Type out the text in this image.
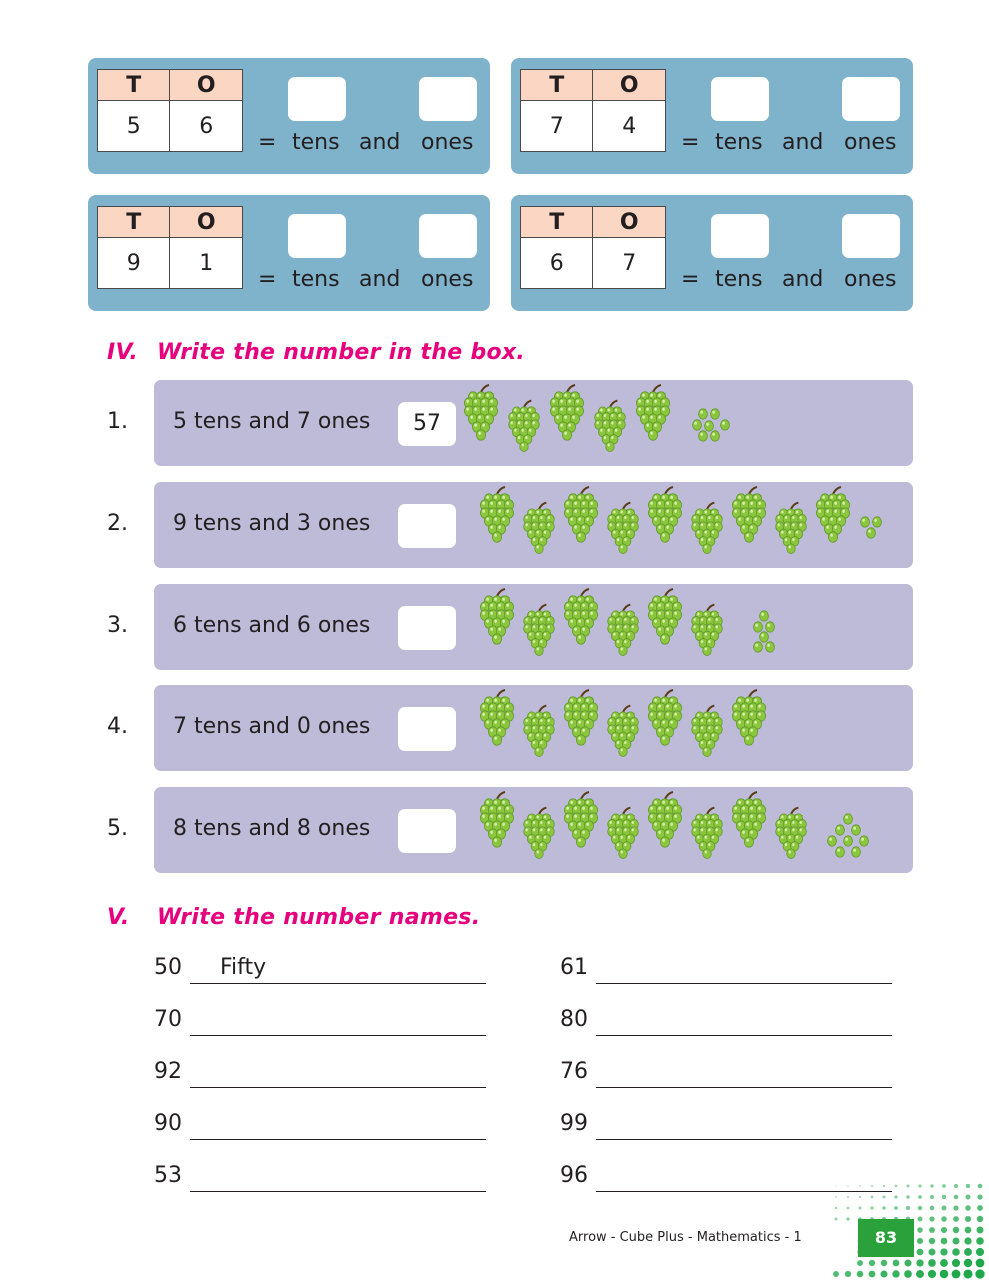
T	O
5	6
= tens and ones
T	O
7	4
= tens and ones
T	O
9	1
= tens and ones
T	O
6	7
= tens and ones
IV. Write the number in the box.
1. 5 tens and 7 ones	57
2. 9 tens and 3 ones
3. 6 tens and 6 ones
4. 7 tens and 0 ones
5. 8 tens and 8 ones
V. Write the number names.
50 Fifty	61
70	80
92	76
90	99
53	96
Arrow - Cube Plus - Mathematics - 1	83
